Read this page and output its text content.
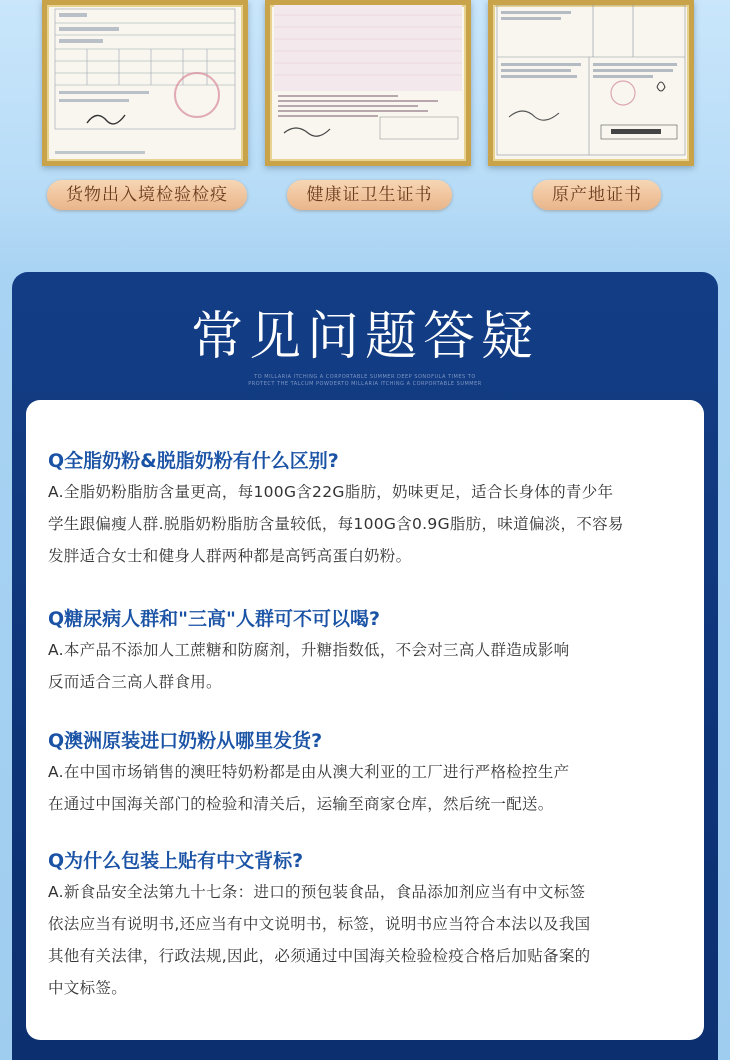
货物出入境检验检疫	健康证卫生证书	原产地证书
常见问题答疑
TO MILLARIA ITCHING A CORPORTABLE SUMMER DEEP SONOFULA TIMES TO
PROTECT THE TALCUM POWDERTO MILLARIA ITCHING A CORPORTABLE SUMMER
Q全脂奶粉&脱脂奶粉有什么区别?
A.全脂奶粉脂肪含量更高，每100G含22G脂肪，奶味更足，适合长身体的青少年
学生跟偏瘦人群.脱脂奶粉脂肪含量较低，每100G含0.9G脂肪，味道偏淡，不容易
发胖适合女士和健身人群两种都是高钙高蛋白奶粉。
Q糖尿病人群和"三高"人群可不可以喝?
A.本产品不添加人工蔗糖和防腐剂，升糖指数低，不会对三高人群造成影响
反而适合三高人群食用。
Q澳洲原装进口奶粉从哪里发货?
A.在中国市场销售的澳旺特奶粉都是由从澳大利亚的工厂进行严格检控生产
在通过中国海关部门的检验和清关后，运输至商家仓库，然后统一配送。
Q为什么包装上贴有中文背标?
A.新食品安全法第九十七条：进口的预包装食品，食品添加剂应当有中文标签
依法应当有说明书,还应当有中文说明书，标签，说明书应当符合本法以及我国
其他有关法律，行政法规,因此，必须通过中国海关检验检疫合格后加贴备案的
中文标签。
